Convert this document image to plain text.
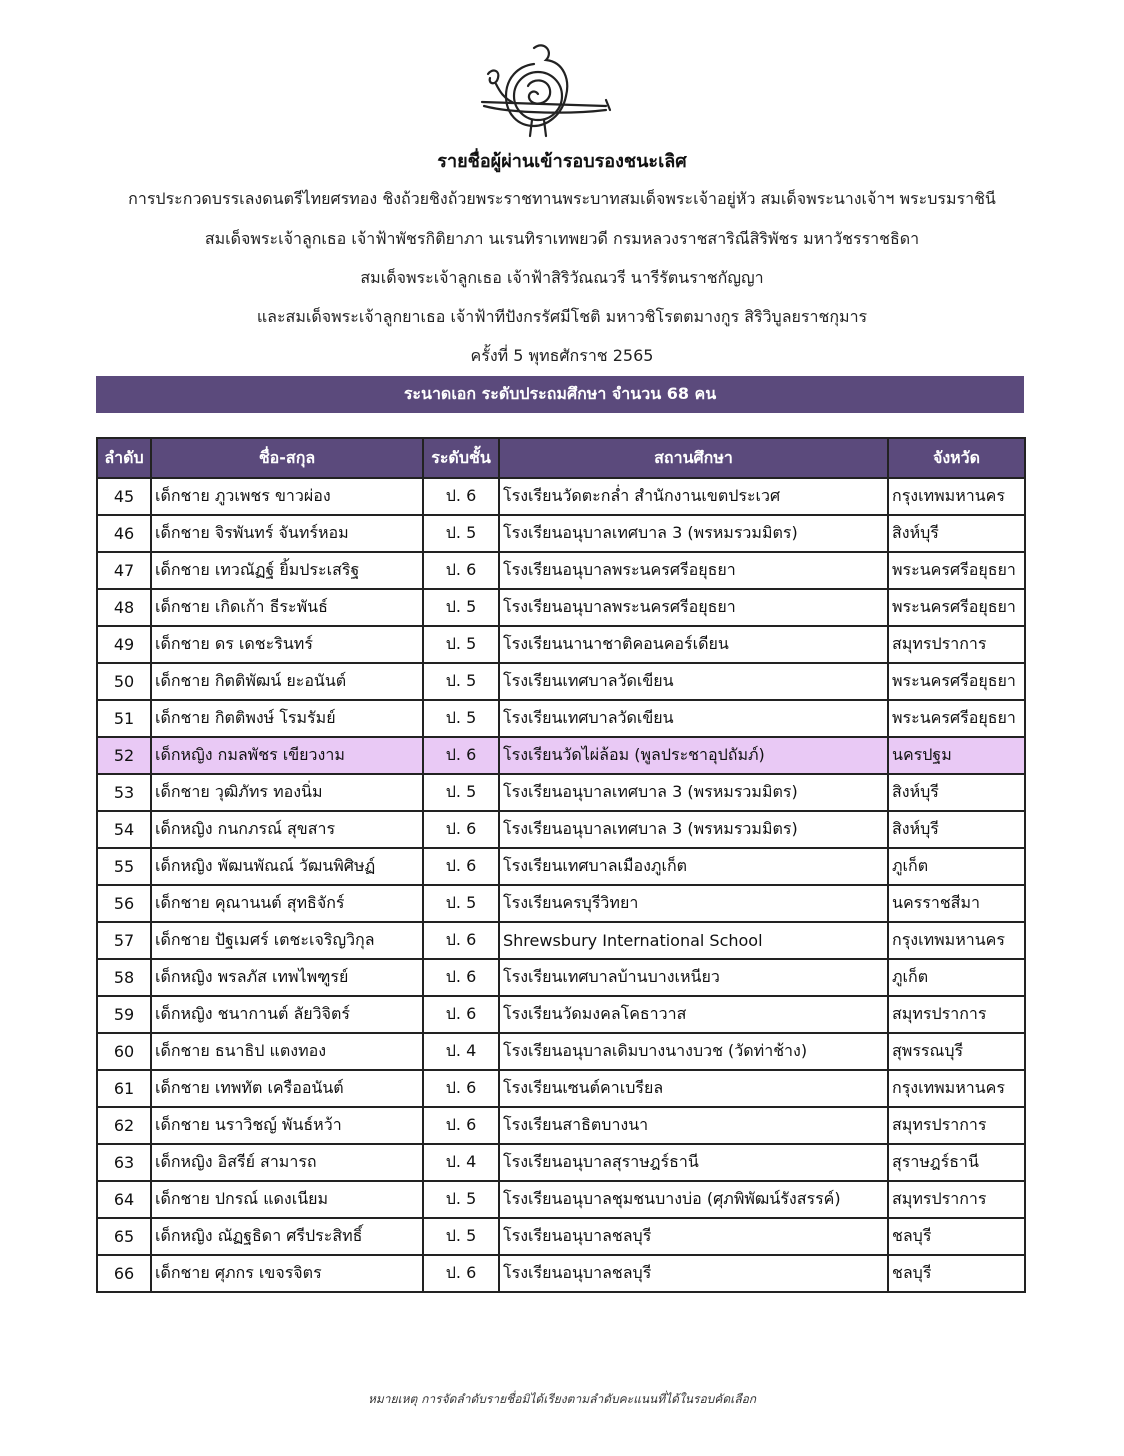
รายชื่อผู้ผ่านเข้ารอบรองชนะเลิศ
การประกวดบรรเลงดนตรีไทยศรทอง ชิงถ้วยชิงถ้วยพระราชทานพระบาทสมเด็จพระเจ้าอยู่หัว สมเด็จพระนางเจ้าฯ พระบรมราชินี
สมเด็จพระเจ้าลูกเธอ เจ้าฟ้าพัชรกิติยาภา นเรนทิราเทพยวดี กรมหลวงราชสาริณีสิริพัชร มหาวัชรราชธิดา
สมเด็จพระเจ้าลูกเธอ เจ้าฟ้าสิริวัณณวรี นารีรัตนราชกัญญา
และสมเด็จพระเจ้าลูกยาเธอ เจ้าฟ้าทีปังกรรัศมีโชติ มหาวชิโรตตมางกูร สิริวิบูลยราชกุมาร
ครั้งที่ 5 พุทธศักราช 2565
ระนาดเอก ระดับประถมศึกษา จำนวน 68 คน
ลำดับ	ชื่อ-สกุล	ระดับชั้น	สถานศึกษา	จังหวัด
45	เด็กชาย ภูวเพชร ขาวผ่อง	ป. 6	โรงเรียนวัดตะกล่ำ สำนักงานเขตประเวศ	กรุงเทพมหานคร
46	เด็กชาย จิรพันทร์ จันทร์หอม	ป. 5	โรงเรียนอนุบาลเทศบาล 3 (พรหมรวมมิตร)	สิงห์บุรี
47	เด็กชาย เทวณัฏฐ์ ยิ้มประเสริฐ	ป. 6	โรงเรียนอนุบาลพระนครศรีอยุธยา	พระนครศรีอยุธยา
48	เด็กชาย เกิดเก้า ธีระพันธ์	ป. 5	โรงเรียนอนุบาลพระนครศรีอยุธยา	พระนครศรีอยุธยา
49	เด็กชาย ดร เดชะรินทร์	ป. 5	โรงเรียนนานาชาติคอนคอร์เดียน	สมุทรปราการ
50	เด็กชาย กิตติพัฒน์ ยะอนันต์	ป. 5	โรงเรียนเทศบาลวัดเขียน	พระนครศรีอยุธยา
51	เด็กชาย กิตติพงษ์ โรมรัมย์	ป. 5	โรงเรียนเทศบาลวัดเขียน	พระนครศรีอยุธยา
52	เด็กหญิง กมลพัชร เขียวงาม	ป. 6	โรงเรียนวัดไผ่ล้อม (พูลประชาอุปถัมภ์)	นครปฐม
53	เด็กชาย วุฒิภัทร ทองนิ่ม	ป. 5	โรงเรียนอนุบาลเทศบาล 3 (พรหมรวมมิตร)	สิงห์บุรี
54	เด็กหญิง กนกภรณ์ สุขสาร	ป. 6	โรงเรียนอนุบาลเทศบาล 3 (พรหมรวมมิตร)	สิงห์บุรี
55	เด็กหญิง พัฒนพัณณ์ วัฒนพิศิษฏ์	ป. 6	โรงเรียนเทศบาลเมืองภูเก็ต	ภูเก็ต
56	เด็กชาย คุณานนต์ สุทธิจักร์	ป. 5	โรงเรียนครบุรีวิทยา	นครราชสีมา
57	เด็กชาย ปัฐเมศร์ เตชะเจริญวิกุล	ป. 6	Shrewsbury International School	กรุงเทพมหานคร
58	เด็กหญิง พรลภัส เทพไพฑูรย์	ป. 6	โรงเรียนเทศบาลบ้านบางเหนียว	ภูเก็ต
59	เด็กหญิง ชนากานต์ ลัยวิจิตร์	ป. 6	โรงเรียนวัดมงคลโคธาวาส	สมุทรปราการ
60	เด็กชาย ธนาธิป แตงทอง	ป. 4	โรงเรียนอนุบาลเดิมบางนางบวช (วัดท่าช้าง)	สุพรรณบุรี
61	เด็กชาย เทพทัต เครืออนันต์	ป. 6	โรงเรียนเซนต์คาเบรียล	กรุงเทพมหานคร
62	เด็กชาย นราวิชญ์ พันธ์หว้า	ป. 6	โรงเรียนสาธิตบางนา	สมุทรปราการ
63	เด็กหญิง อิสรีย์ สามารถ	ป. 4	โรงเรียนอนุบาลสุราษฎร์ธานี	สุราษฎร์ธานี
64	เด็กชาย ปกรณ์ แดงเนียม	ป. 5	โรงเรียนอนุบาลชุมชนบางบ่อ (ศุภพิพัฒน์รังสรรค์)	สมุทรปราการ
65	เด็กหญิง ณัฏฐธิดา ศรีประสิทธิ์	ป. 5	โรงเรียนอนุบาลชลบุรี	ชลบุรี
66	เด็กชาย ศุภกร เขจรจิตร	ป. 6	โรงเรียนอนุบาลชลบุรี	ชลบุรี
หมายเหตุ การจัดลำดับรายชื่อมิได้เรียงตามลำดับคะแนนที่ได้ในรอบคัดเลือก
